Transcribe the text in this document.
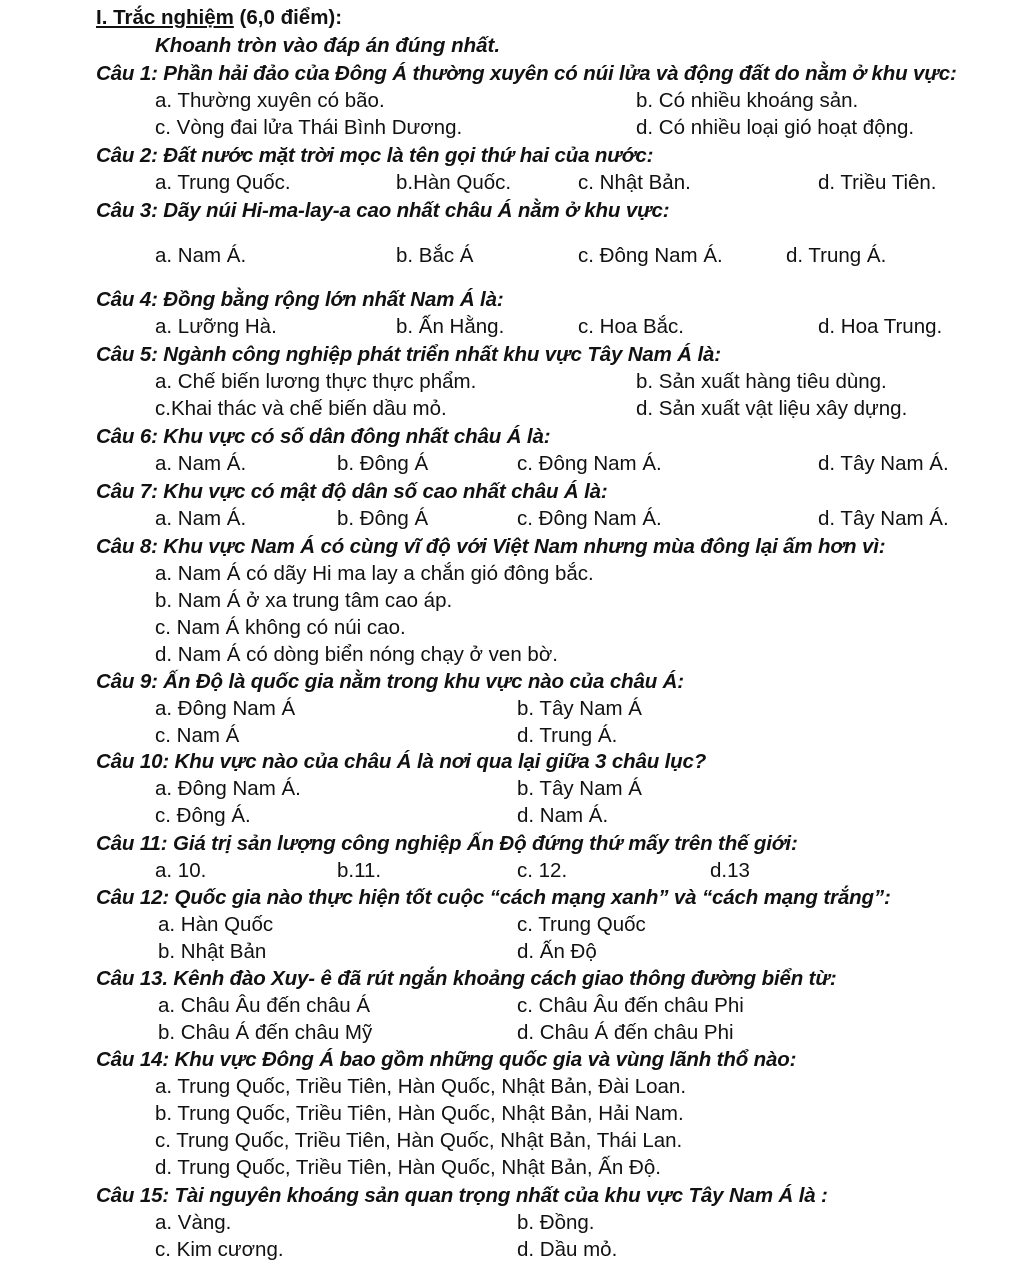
I. Trắc nghiệm (6,0 điểm):
Khoanh tròn vào đáp án đúng nhất.
Câu 1: Phần hải đảo của Đông Á thường xuyên có núi lửa và động đất do nằm ở khu vực:
a. Thường xuyên có bão.	b. Có nhiều khoáng sản.
c. Vòng đai lửa Thái Bình Dương.	d. Có nhiều loại gió hoạt động.
Câu 2: Đất nước mặt trời mọc là tên gọi thứ hai của nước:
a. Trung Quốc.	b.Hàn Quốc.	c. Nhật Bản.	d. Triều Tiên.
Câu 3: Dãy núi Hi-ma-lay-a cao nhất châu Á nằm ở khu vực:
a. Nam Á.	b. Bắc Á	c. Đông Nam Á.	d. Trung Á.
Câu 4: Đồng bằng rộng lớn nhất Nam Á là:
a. Lưỡng Hà.	b. Ấn Hằng.	c. Hoa Bắc.	d. Hoa Trung.
Câu 5: Ngành công nghiệp phát triển nhất khu vực Tây Nam Á là:
a. Chế biến lương thực thực phẩm.	b. Sản xuất hàng tiêu dùng.
c.Khai thác và chế biến dầu mỏ.	d. Sản xuất vật liệu xây dựng.
Câu 6: Khu vực có số dân đông nhất châu Á là:
a. Nam Á.	b. Đông Á	c. Đông Nam Á.	d. Tây Nam Á.
Câu 7: Khu vực có mật độ dân số cao nhất châu Á là:
a. Nam Á.	b. Đông Á	c. Đông Nam Á.	d. Tây Nam Á.
Câu 8: Khu vực Nam Á có cùng vĩ độ với Việt Nam nhưng mùa đông lại ấm hơn vì:
a. Nam Á có dãy Hi ma lay a chắn gió đông bắc.
b. Nam Á ở xa trung tâm cao áp.
c. Nam Á không có núi cao.
d. Nam Á có dòng biển nóng chạy ở ven bờ.
Câu 9: Ấn Độ là quốc gia nằm trong khu vực nào của châu Á:
a. Đông Nam Á	b. Tây Nam Á
c. Nam Á	d. Trung Á.
Câu 10: Khu vực nào của châu Á là nơi qua lại giữa 3 châu lục?
a. Đông Nam Á.	b. Tây Nam Á
c. Đông Á.	d. Nam Á.
Câu 11: Giá trị sản lượng công nghiệp Ấn Độ đứng thứ mấy trên thế giới:
a. 10.	b.11.	c. 12.	d.13
Câu 12: Quốc gia nào thực hiện tốt cuộc “cách mạng xanh” và “cách mạng trắng”:
a. Hàn Quốc	c. Trung Quốc
b. Nhật Bản	d. Ấn Độ
Câu 13. Kênh đào Xuy- ê đã rút ngắn khoảng cách giao thông đường biển từ:
a. Châu Âu đến châu Á	c. Châu Âu đến châu Phi
b. Châu Á đến châu Mỹ	d. Châu Á đến châu Phi
Câu 14: Khu vực Đông Á bao gồm những quốc gia và vùng lãnh thổ nào:
a. Trung Quốc, Triều Tiên, Hàn Quốc, Nhật Bản, Đài Loan.
b. Trung Quốc, Triều Tiên, Hàn Quốc, Nhật Bản, Hải Nam.
c. Trung Quốc, Triều Tiên, Hàn Quốc, Nhật Bản, Thái Lan.
d. Trung Quốc, Triều Tiên, Hàn Quốc, Nhật Bản, Ấn Độ.
Câu 15: Tài nguyên khoáng sản quan trọng nhất của khu vực Tây Nam Á là :
a. Vàng.	b. Đồng.
c. Kim cương.	d. Dầu mỏ.
